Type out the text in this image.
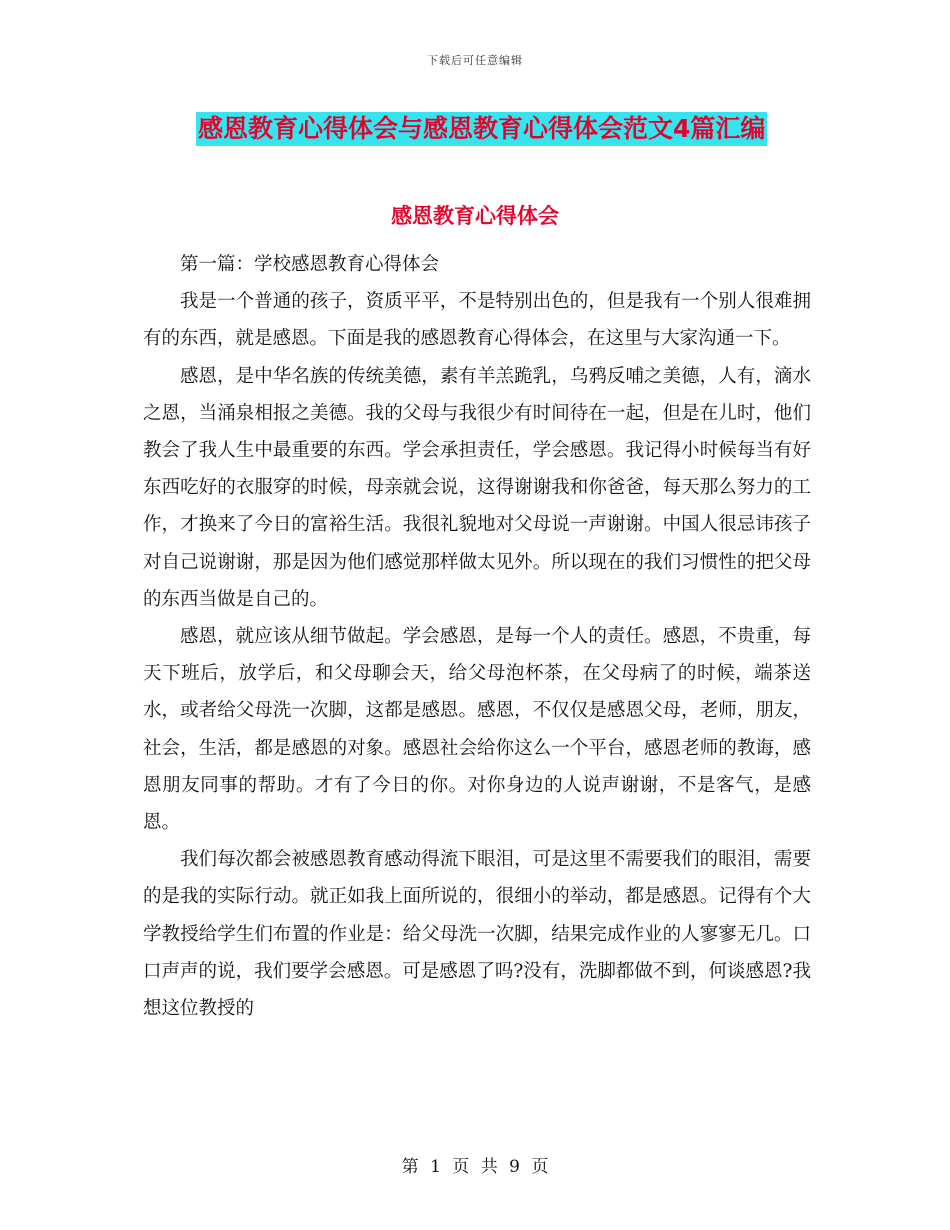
下载后可任意编辑
感恩教育心得体会与感恩教育心得体会范文4篇汇编
感恩教育心得体会

第一篇：学校感恩教育心得体会

我是一个普通的孩子，资质平平，不是特别出色的，但是我有一个别人很难拥有的东西，就是感恩。下面是我的感恩教育心得体会，在这里与大家沟通一下。

感恩，是中华名族的传统美德，素有羊羔跪乳，乌鸦反哺之美德，人有，滴水之恩，当涌泉相报之美德。我的父母与我很少有时间待在一起，但是在儿时，他们教会了我人生中最重要的东西。学会承担责任，学会感恩。我记得小时候每当有好东西吃好的衣服穿的时候，母亲就会说，这得谢谢我和你爸爸，每天那么努力的工作，才换来了今日的富裕生活。我很礼貌地对父母说一声谢谢。中国人很忌讳孩子对自己说谢谢，那是因为他们感觉那样做太见外。所以现在的我们习惯性的把父母的东西当做是自己的。

感恩，就应该从细节做起。学会感恩，是每一个人的责任。感恩，不贵重，每天下班后，放学后，和父母聊会天，给父母泡杯茶，在父母病了的时候，端茶送水，或者给父母洗一次脚，这都是感恩。感恩，不仅仅是感恩父母，老师，朋友，社会，生活，都是感恩的对象。感恩社会给你这么一个平台，感恩老师的教诲，感恩朋友同事的帮助。才有了今日的你。对你身边的人说声谢谢，不是客气，是感恩。

我们每次都会被感恩教育感动得流下眼泪，可是这里不需要我们的眼泪，需要的是我的实际行动。就正如我上面所说的，很细小的举动，都是感恩。记得有个大学教授给学生们布置的作业是：给父母洗一次脚，结果完成作业的人寥寥无几。口口声声的说，我们要学会感恩。可是感恩了吗?没有，洗脚都做不到，何谈感恩?我想这位教授的

第 1 页 共 9 页
